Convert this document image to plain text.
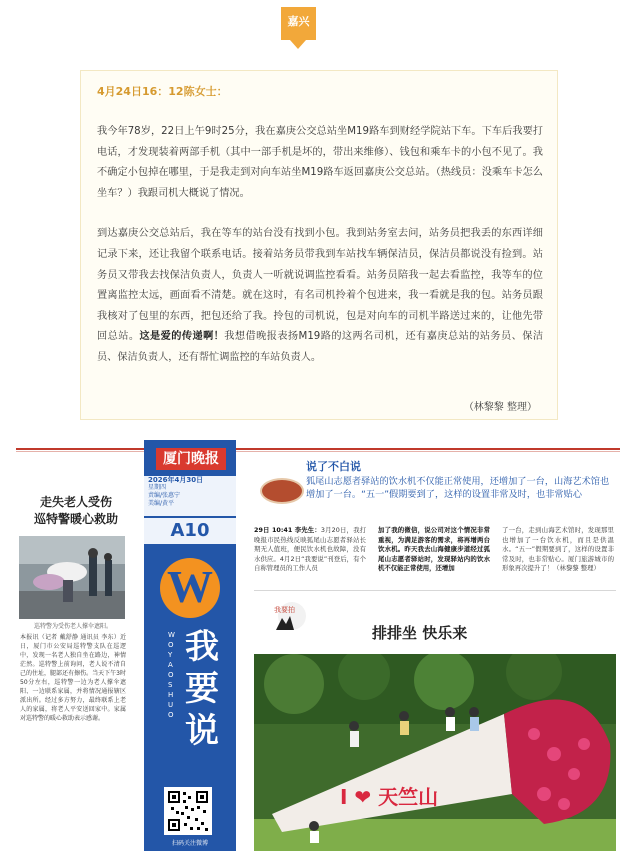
嘉兴
4月24日16：12陈女士：

我今年78岁，22日上午9时25分，我在嘉庚公交总站坐M19路车到财经学院站下车。下车后我要打电话，才发现装着两部手机（其中一部手机是坏的，带出来维修）、钱包和乘车卡的小包不见了。我不确定小包掉在哪里，于是我走到对向车站坐M19路车返回嘉庚公交总站。（热线员：没乘车卡怎么坐车？）我跟司机大概说了情况。

到达嘉庚公交总站后，我在等车的站台没有找到小包。我到站务室去问，站务员把我丢的东西详细记录下来，还让我留个联系电话。接着站务员带我到车站找车辆保洁员，保洁员都说没有捡到。站务员又带我去找保洁负责人，负责人一听就说调监控看看。站务员陪我一起去看监控，我等车的位置离监控太远，画面看不清楚。就在这时，有名司机拎着个包进来，我一看就是我的包。站务员跟我核对了包里的东西，把包还给了我。拎包的司机说，包是对向车的司机半路送过来的，让他先带回总站。这是爱的传递啊！我想借晚报表扬M19路的这两名司机，还有嘉庚总站的站务员、保洁员、保洁负责人，还有帮忙调监控的车站负责人。

（林黎黎 整理）
走失老人受伤
巡特警暖心救助
巡特警为受伤老人撑伞遮阳。
本报讯（记者 戴舒静 通讯员 李东）近日，厦门市公安局巡特警支队在巡逻中，发现一名老人独自坐在路边，神情茫然。巡特警上前询问，老人说不清自己的住址，腿部还有擦伤。当天下午3时50分左右，巡特警一边为老人撑伞遮阳、一边联系家属，并将情况通报辖区派出所。经过多方努力，最终联系上老人的家属，将老人平安送回家中。家属对巡特警的暖心救助表示感谢。
厦门晚报
2026年4月30日
星期四
责编/张惠宁
美编/黄平
A10
W
WOYAOSHUO
我
要
说
扫码关注微博
说了不白说
狐尾山志愿者驿站的饮水机不仅能正常使用，还增加了一台，山海艺术馆也增加了一台。“五一”假期要到了，这样的设置非常及时，也非常贴心
29日 10:41 李先生：3月20日，我打晚报市民热线反映狐尾山志愿者驿站长期无人值班，便民饮水机也故障，没有水供应。4月2日“我要说”刊登后，有个自称管理员的工作人员
加了我的微信，说公司对这个情况非常重视，为满足游客的需求，将再增两台饮水机。昨天我去山海健康步道经过狐尾山志愿者驿站时，发现驿站内的饮水机不仅能正常使用，还增加
了一台，走到山海艺术馆时，发现那里也增加了一台饮水机，而且是供温水。“五一”假期要到了，这样的设置非常及时，也非常贴心。厦门旅游城市的形象再次提升了！（林黎黎 整理）
我要拍
排排坐 快乐来
I ❤ 天竺山
